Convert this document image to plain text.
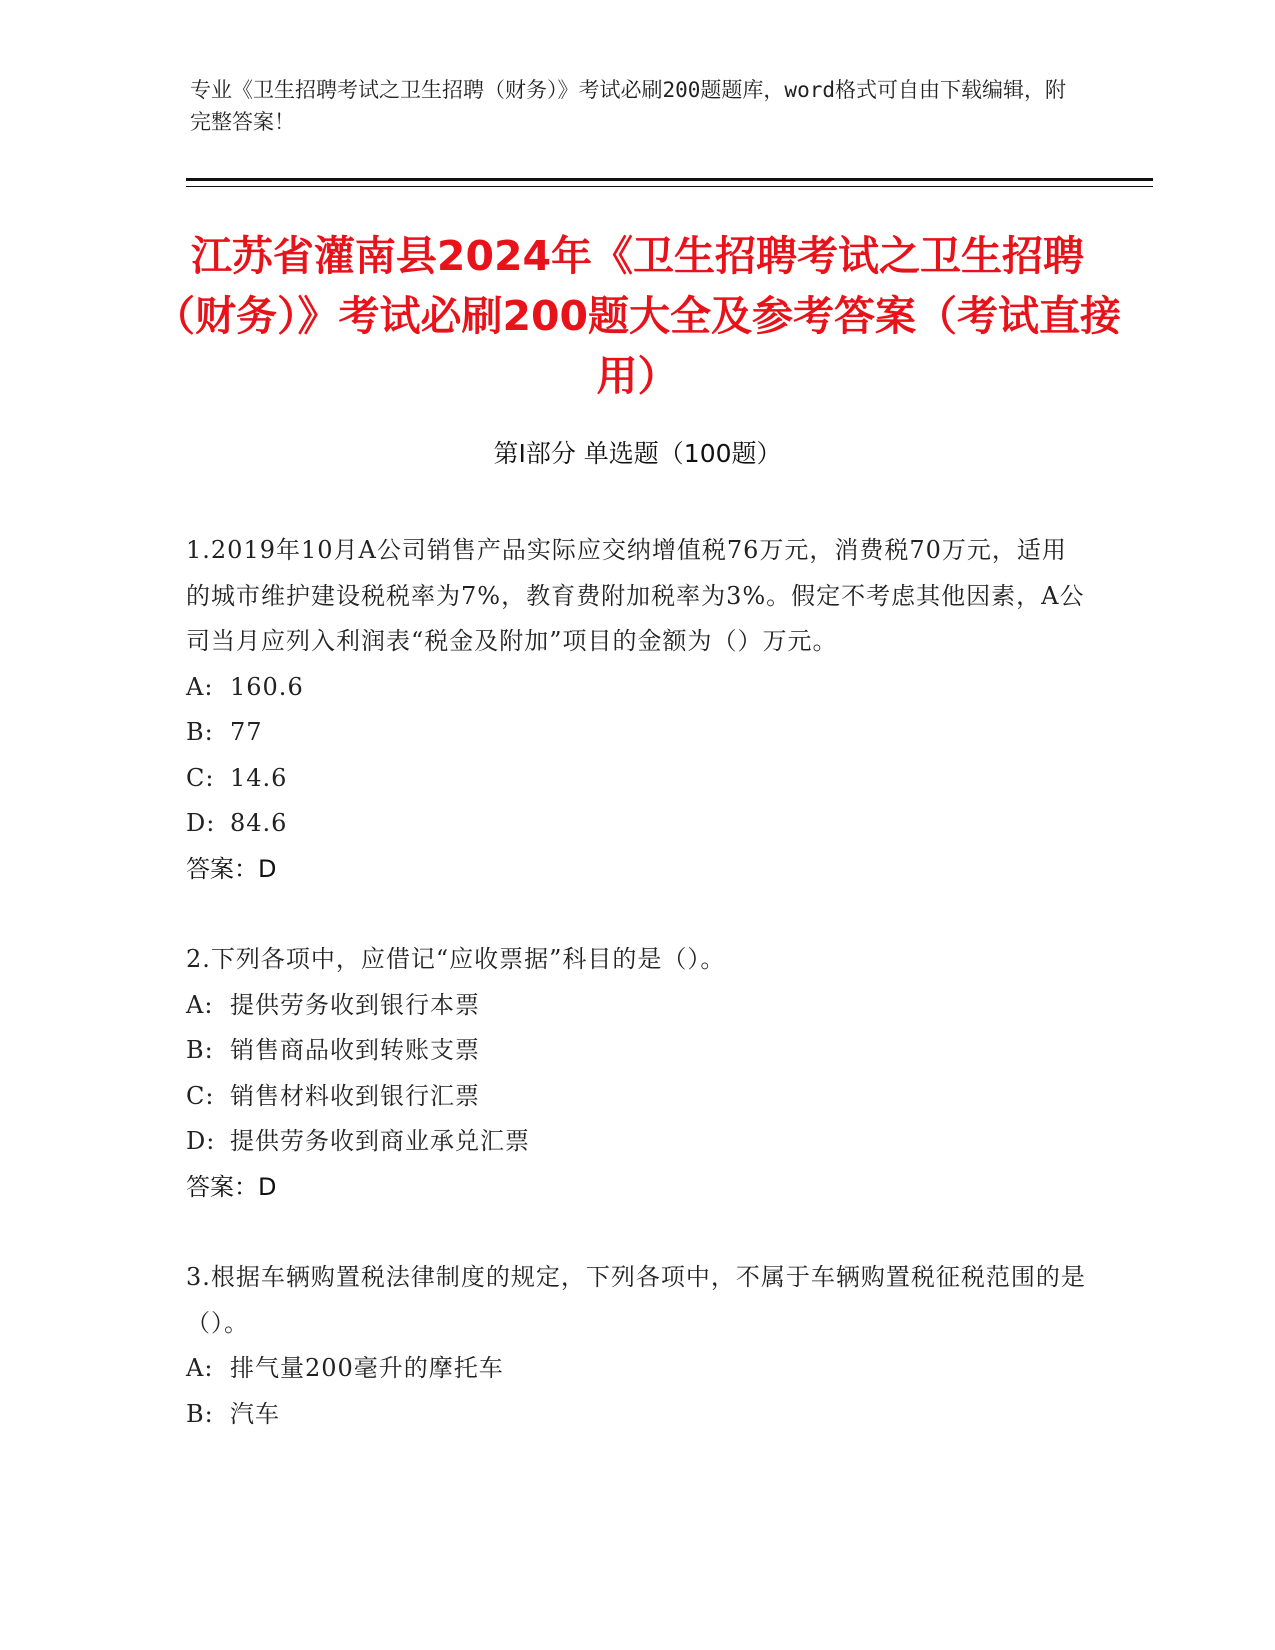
专业《卫生招聘考试之卫生招聘（财务）》考试必刷200题题库，word格式可自由下载编辑，附完整答案！
江苏省灌南县2024年《卫生招聘考试之卫生招聘（财务）》考试必刷200题大全及参考答案（考试直接用）
第Ⅰ部分 单选题（100题）
1.2019年10月A公司销售产品实际应交纳增值税76万元，消费税70万元，适用的城市维护建设税税率为7%，教育费附加税率为3%。假定不考虑其他因素，A公司当月应列入利润表“税金及附加”项目的金额为（）万元。
A: 160.6
B: 77
C: 14.6
D: 84.6
答案：D
2.下列各项中，应借记“应收票据”科目的是（）。
A: 提供劳务收到银行本票
B: 销售商品收到转账支票
C: 销售材料收到银行汇票
D: 提供劳务收到商业承兑汇票
答案：D
3.根据车辆购置税法律制度的规定，下列各项中，不属于车辆购置税征税范围的是（）。
A: 排气量200毫升的摩托车
B: 汽车
